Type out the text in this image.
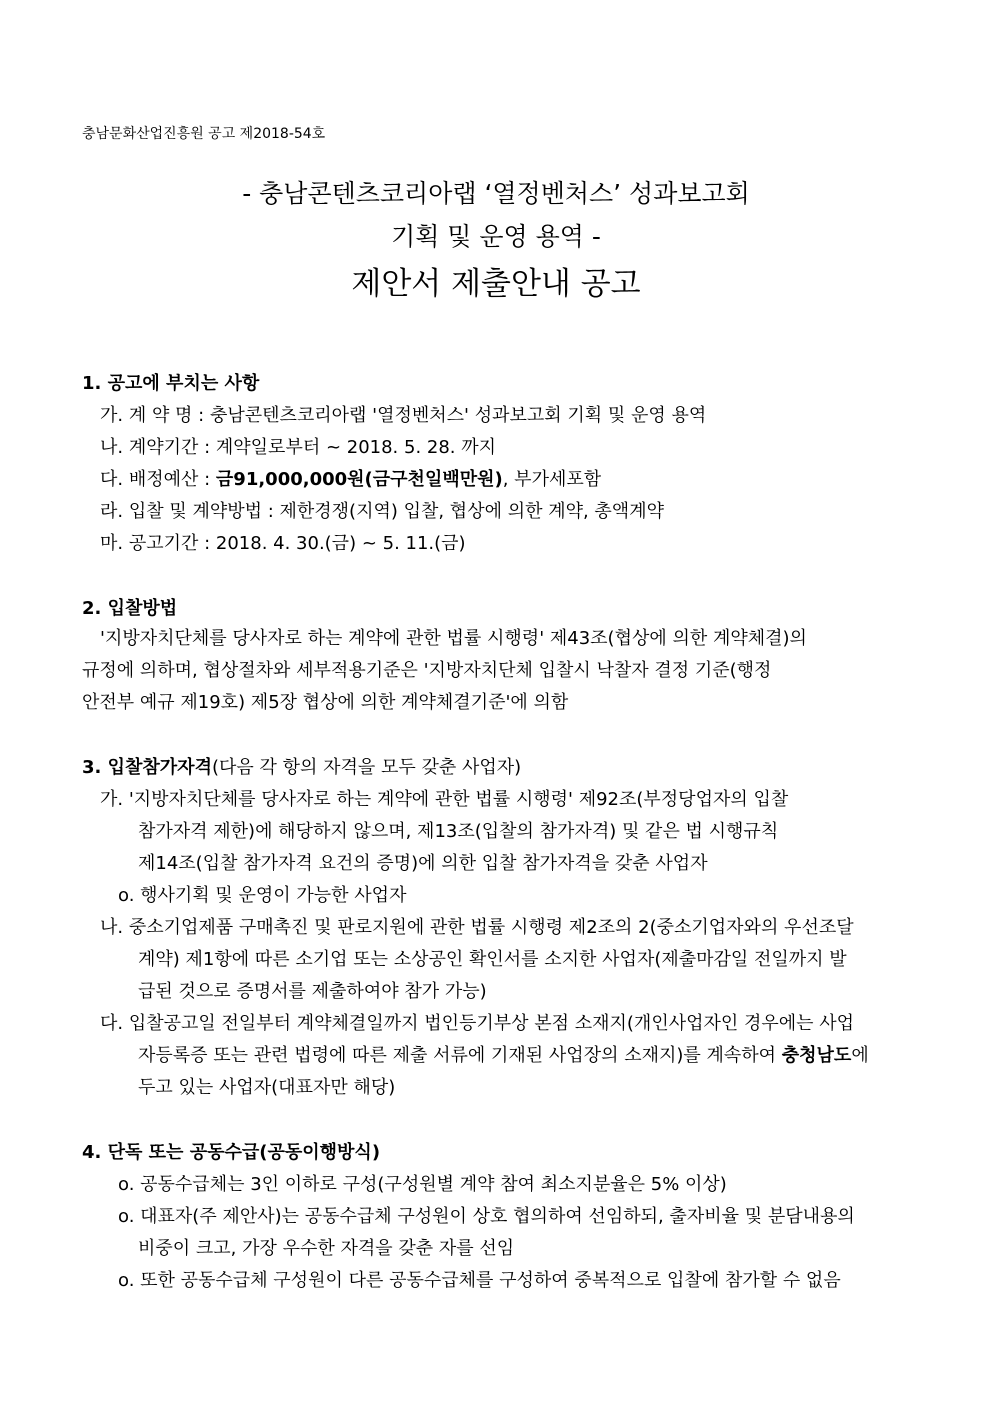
충남문화산업진흥원 공고 제2018-54호
- 충남콘텐츠코리아랩 ‘열정벤처스’ 성과보고회
기획 및 운영 용역 -
제안서 제출안내 공고
1. 공고에 부치는 사항
가. 계 약 명 : 충남콘텐츠코리아랩 '열정벤처스' 성과보고회 기획 및 운영 용역
나. 계약기간 : 계약일로부터 ~ 2018. 5. 28. 까지
다. 배정예산 : 금91,000,000원(금구천일백만원), 부가세포함
라. 입찰 및 계약방법 : 제한경쟁(지역) 입찰, 협상에 의한 계약, 총액계약
마. 공고기간 : 2018. 4. 30.(금) ~ 5. 11.(금)
2. 입찰방법
'지방자치단체를 당사자로 하는 계약에 관한 법률 시행령' 제43조(협상에 의한 계약체결)의
규정에 의하며, 협상절차와 세부적용기준은 '지방자치단체 입찰시 낙찰자 결정 기준(행정
안전부 예규 제19호) 제5장 협상에 의한 계약체결기준'에 의함
3. 입찰참가자격(다음 각 항의 자격을 모두 갖춘 사업자)
가. '지방자치단체를 당사자로 하는 계약에 관한 법률 시행령' 제92조(부정당업자의 입찰
참가자격 제한)에 해당하지 않으며, 제13조(입찰의 참가자격) 및 같은 법 시행규칙
제14조(입찰 참가자격 요건의 증명)에 의한 입찰 참가자격을 갖춘 사업자
o. 행사기획 및 운영이 가능한 사업자
나. 중소기업제품 구매촉진 및 판로지원에 관한 법률 시행령 제2조의 2(중소기업자와의 우선조달
계약) 제1항에 따른 소기업 또는 소상공인 확인서를 소지한 사업자(제출마감일 전일까지 발
급된 것으로 증명서를 제출하여야 참가 가능)
다. 입찰공고일 전일부터 계약체결일까지 법인등기부상 본점 소재지(개인사업자인 경우에는 사업
자등록증 또는 관련 법령에 따른 제출 서류에 기재된 사업장의 소재지)를 계속하여 충청남도에
두고 있는 사업자(대표자만 해당)
4. 단독 또는 공동수급(공동이행방식)
o. 공동수급체는 3인 이하로 구성(구성원별 계약 참여 최소지분율은 5% 이상)
o. 대표자(주 제안사)는 공동수급체 구성원이 상호 협의하여 선임하되, 출자비율 및 분담내용의
비중이 크고, 가장 우수한 자격을 갖춘 자를 선임
o. 또한 공동수급체 구성원이 다른 공동수급체를 구성하여 중복적으로 입찰에 참가할 수 없음
